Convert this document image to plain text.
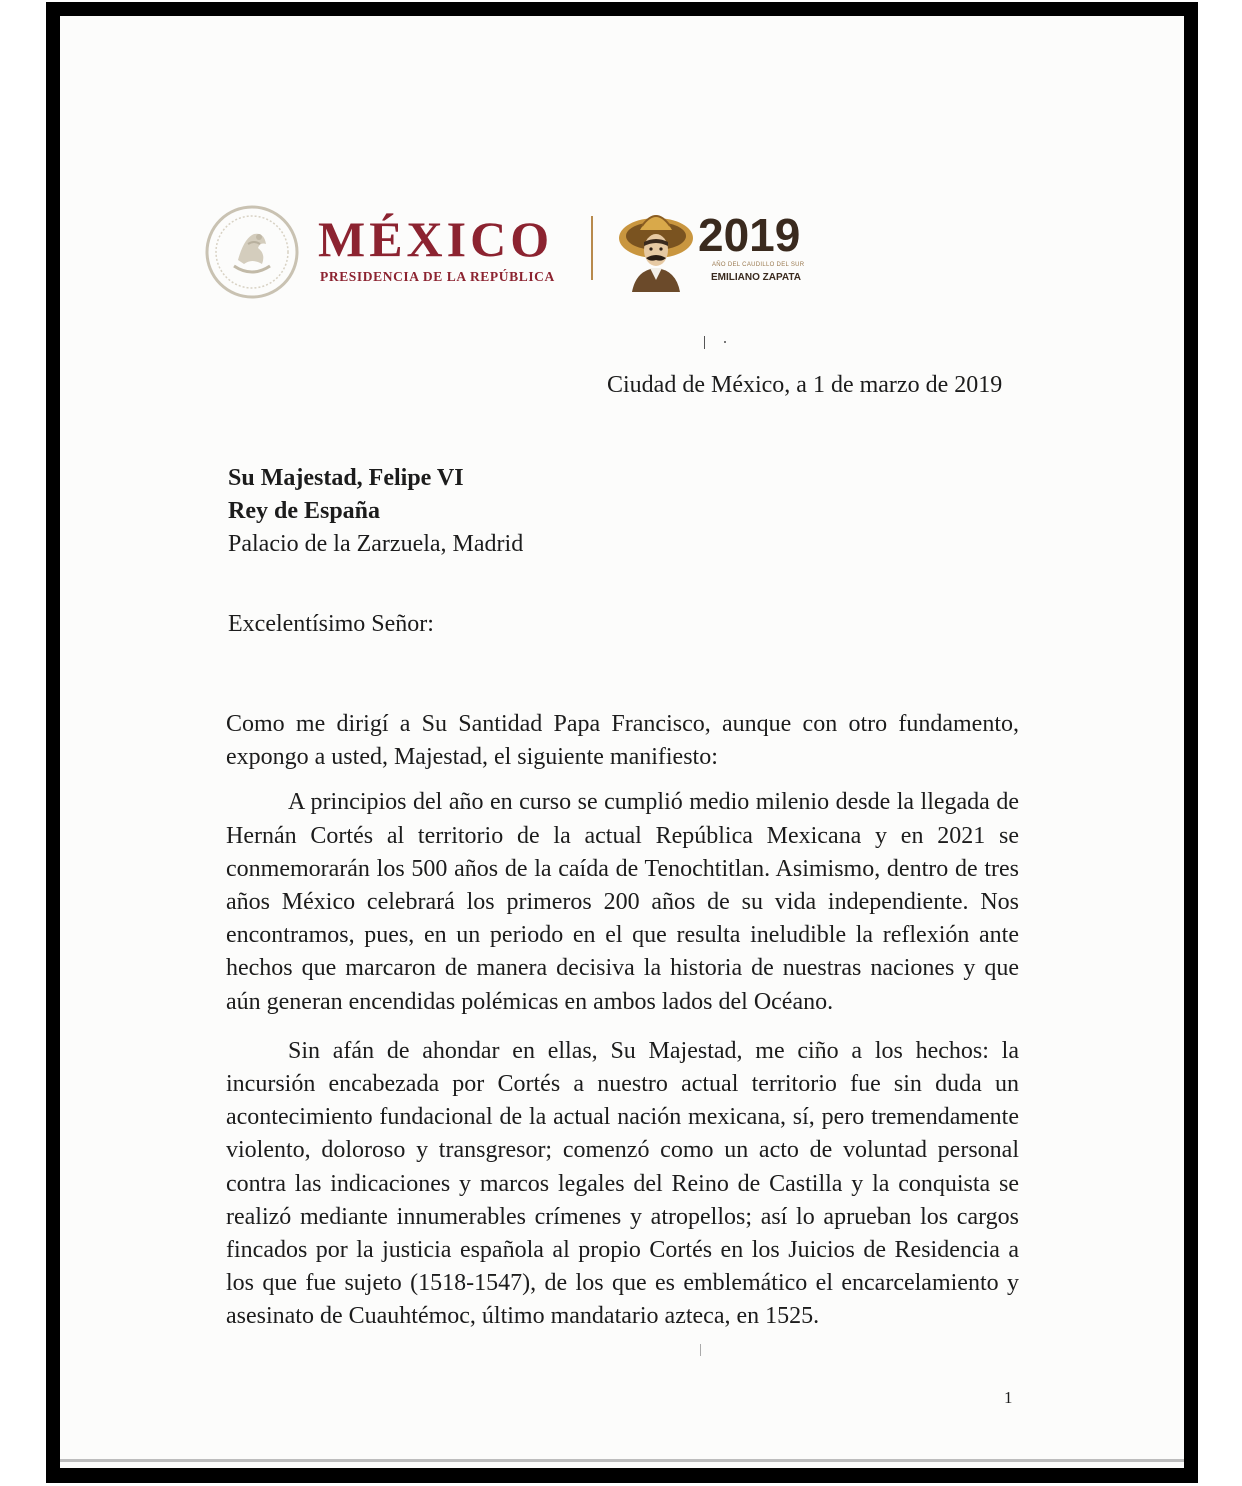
MÉXICO
PRESIDENCIA DE LA REPÚBLICA
2019
AÑO DEL CAUDILLO DEL SUR
EMILIANO ZAPATA
Ciudad de México, a 1 de marzo de 2019
Su Majestad, Felipe VI
Rey de España
Palacio de la Zarzuela, Madrid
Excelentísimo Señor:

Como me dirigí a Su Santidad Papa Francisco, aunque con otro fundamento, expongo a usted, Majestad, el siguiente manifiesto:

A principios del año en curso se cumplió medio milenio desde la llegada de Hernán Cortés al territorio de la actual República Mexicana y en 2021 se conmemorarán los 500 años de la caída de Tenochtitlan. Asimismo, dentro de tres años México celebrará los primeros 200 años de su vida independiente. Nos encontramos, pues, en un periodo en el que resulta ineludible la reflexión ante hechos que marcaron de manera decisiva la historia de nuestras naciones y que aún generan encendidas polémicas en ambos lados del Océano.

Sin afán de ahondar en ellas, Su Majestad, me ciño a los hechos: la incursión encabezada por Cortés a nuestro actual territorio fue sin duda un acontecimiento fundacional de la actual nación mexicana, sí, pero tremendamente violento, doloroso y transgresor; comenzó como un acto de voluntad personal contra las indicaciones y marcos legales del Reino de Castilla y la conquista se realizó mediante innumerables crímenes y atropellos; así lo aprueban los cargos fincados por la justicia española al propio Cortés en los Juicios de Residencia a los que fue sujeto (1518-1547), de los que es emblemático el encarcelamiento y asesinato de Cuauhtémoc, último mandatario azteca, en 1525.

1
